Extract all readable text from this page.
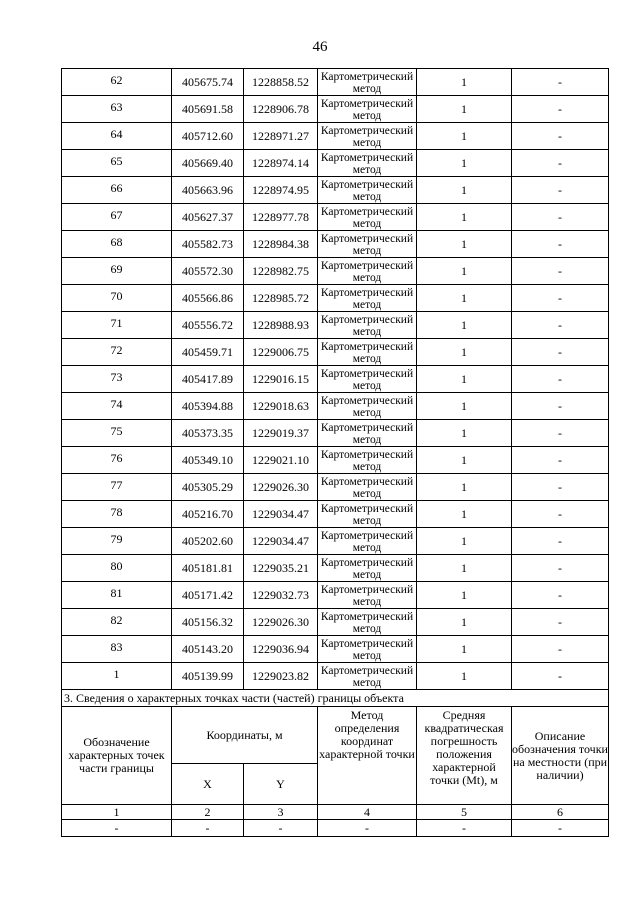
46
62	405675.74	1228858.52	Картометрический метод	1	-
63	405691.58	1228906.78	Картометрический метод	1	-
64	405712.60	1228971.27	Картометрический метод	1	-
65	405669.40	1228974.14	Картометрический метод	1	-
66	405663.96	1228974.95	Картометрический метод	1	-
67	405627.37	1228977.78	Картометрический метод	1	-
68	405582.73	1228984.38	Картометрический метод	1	-
69	405572.30	1228982.75	Картометрический метод	1	-
70	405566.86	1228985.72	Картометрический метод	1	-
71	405556.72	1228988.93	Картометрический метод	1	-
72	405459.71	1229006.75	Картометрический метод	1	-
73	405417.89	1229016.15	Картометрический метод	1	-
74	405394.88	1229018.63	Картометрический метод	1	-
75	405373.35	1229019.37	Картометрический метод	1	-
76	405349.10	1229021.10	Картометрический метод	1	-
77	405305.29	1229026.30	Картометрический метод	1	-
78	405216.70	1229034.47	Картометрический метод	1	-
79	405202.60	1229034.47	Картометрический метод	1	-
80	405181.81	1229035.21	Картометрический метод	1	-
81	405171.42	1229032.73	Картометрический метод	1	-
82	405156.32	1229026.30	Картометрический метод	1	-
83	405143.20	1229036.94	Картометрический метод	1	-
1	405139.99	1229023.82	Картометрический метод	1	-
3. Сведения о характерных точках части (частей) границы объекта					
Обозначение характерных точек части границы	Координаты, м		Метод определения координат характерной точки	Средняя квадратическая погрешность положения характерной точки (Mt), м	Описание обозначения точки на местности (при наличии)
	X	Y			
1	2	3	4	5	6
-	-	-	-	-	-
